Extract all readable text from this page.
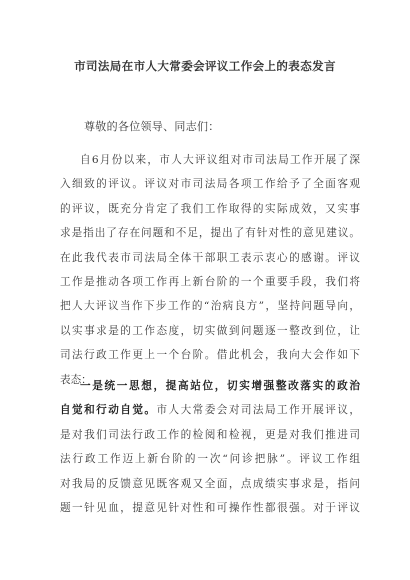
市司法局在市人大常委会评议工作会上的表态发言
尊敬的各位领导、同志们：
自6月份以来，市人大评议组对市司法局工作开展了深
入细致的评议。评议对市司法局各项工作给予了全面客观
的评议，既充分肯定了我们工作取得的实际成效，又实事
求是指出了存在问题和不足，提出了有针对性的意见建议。
在此我代表市司法局全体干部职工表示衷心的感谢。评议
工作是推动各项工作再上新台阶的一个重要手段，我们将
把人大评议当作下步工作的“治病良方”，坚持问题导向，
以实事求是的工作态度，切实做到问题逐一整改到位，让
司法行政工作更上一个台阶。借此机会，我向大会作如下
表态：
一是统一思想，提高站位，切实增强整改落实的政治
自觉和行动自觉。市人大常委会对司法局工作开展评议，
是对我们司法行政工作的检阅和检视，更是对我们推进司
法行政工作迈上新台阶的一次“问诊把脉”。评议工作组
对我局的反馈意见既客观又全面，点成绩实事求是，指问
题一针见血，提意见针对性和可操作性都很强。对于评议
